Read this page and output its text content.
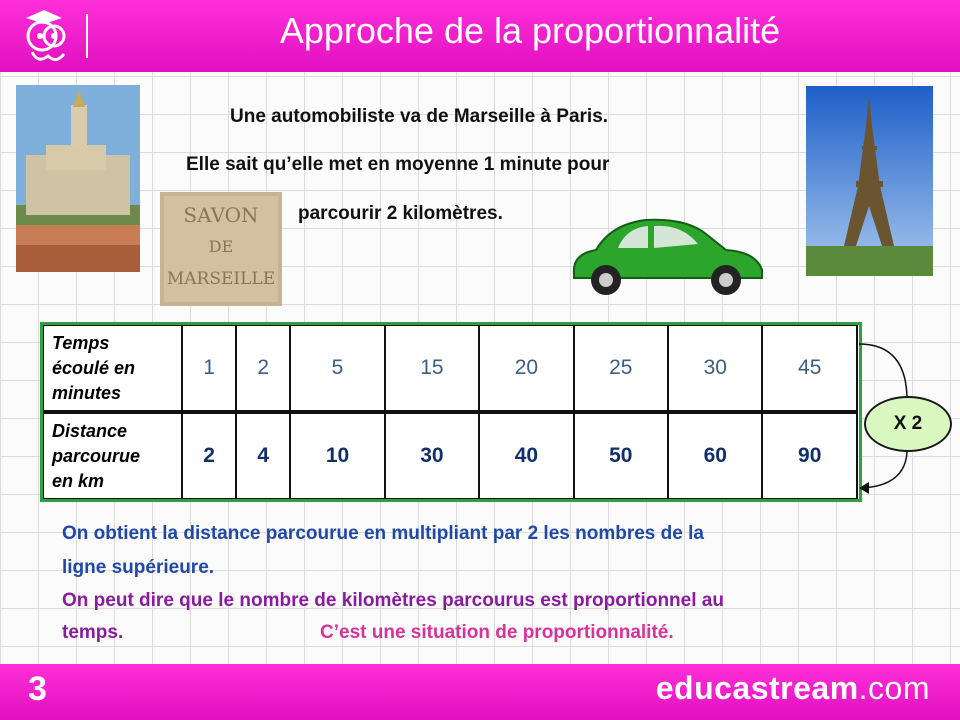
Approche de la proportionnalité
SAVON
DE
MARSEILLE
Une automobiliste va de Marseille à Paris.
Elle sait qu’elle met en moyenne 1 minute pour
parcourir 2 kilomètres.
Temps
écoulé en
minutes	1	2	5	15	20	25	30	45
Distance
parcourue
en km	2	4	10	30	40	50	60	90
X 2
On obtient la distance parcourue en multipliant par 2 les nombres de la
ligne supérieure.
On peut dire que le nombre de kilomètres parcourus est proportionnel au
temps.	C’est une situation de proportionnalité.
3	educastream.com
